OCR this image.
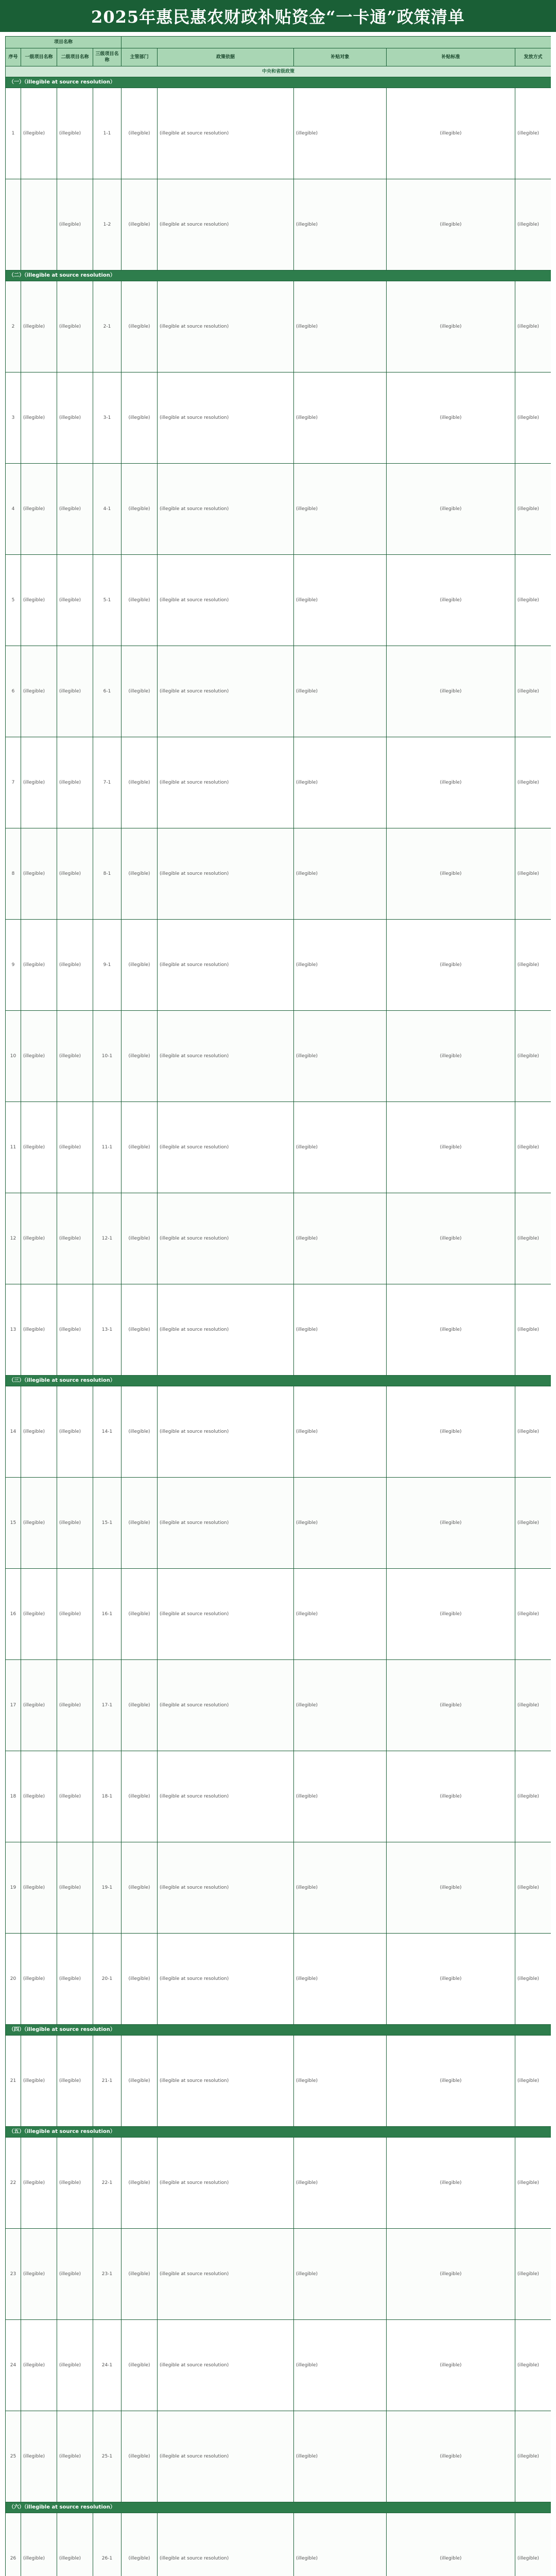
2025年惠民惠农财政补贴资金“一卡通”政策清单
项目名称								
序号	一级项目名称	二级项目名称	三级项目名称	主管部门	政策依据	补贴对象	补贴标准	发放方式
中央和省级政策								
（一）（illegible at source resolution）								
1	(illegible)	(illegible)	1-1	(illegible)	(illegible at source resolution)	(illegible)	(illegible)	(illegible)
		(illegible)	1-2	(illegible)	(illegible at source resolution)	(illegible)	(illegible)	(illegible)
（二）（illegible at source resolution）								
2	(illegible)	(illegible)	2-1	(illegible)	(illegible at source resolution)	(illegible)	(illegible)	(illegible)
3	(illegible)	(illegible)	3-1	(illegible)	(illegible at source resolution)	(illegible)	(illegible)	(illegible)
4	(illegible)	(illegible)	4-1	(illegible)	(illegible at source resolution)	(illegible)	(illegible)	(illegible)
5	(illegible)	(illegible)	5-1	(illegible)	(illegible at source resolution)	(illegible)	(illegible)	(illegible)
6	(illegible)	(illegible)	6-1	(illegible)	(illegible at source resolution)	(illegible)	(illegible)	(illegible)
7	(illegible)	(illegible)	7-1	(illegible)	(illegible at source resolution)	(illegible)	(illegible)	(illegible)
8	(illegible)	(illegible)	8-1	(illegible)	(illegible at source resolution)	(illegible)	(illegible)	(illegible)
9	(illegible)	(illegible)	9-1	(illegible)	(illegible at source resolution)	(illegible)	(illegible)	(illegible)
10	(illegible)	(illegible)	10-1	(illegible)	(illegible at source resolution)	(illegible)	(illegible)	(illegible)
11	(illegible)	(illegible)	11-1	(illegible)	(illegible at source resolution)	(illegible)	(illegible)	(illegible)
12	(illegible)	(illegible)	12-1	(illegible)	(illegible at source resolution)	(illegible)	(illegible)	(illegible)
13	(illegible)	(illegible)	13-1	(illegible)	(illegible at source resolution)	(illegible)	(illegible)	(illegible)
（三）（illegible at source resolution）								
14	(illegible)	(illegible)	14-1	(illegible)	(illegible at source resolution)	(illegible)	(illegible)	(illegible)
15	(illegible)	(illegible)	15-1	(illegible)	(illegible at source resolution)	(illegible)	(illegible)	(illegible)
16	(illegible)	(illegible)	16-1	(illegible)	(illegible at source resolution)	(illegible)	(illegible)	(illegible)
17	(illegible)	(illegible)	17-1	(illegible)	(illegible at source resolution)	(illegible)	(illegible)	(illegible)
18	(illegible)	(illegible)	18-1	(illegible)	(illegible at source resolution)	(illegible)	(illegible)	(illegible)
19	(illegible)	(illegible)	19-1	(illegible)	(illegible at source resolution)	(illegible)	(illegible)	(illegible)
20	(illegible)	(illegible)	20-1	(illegible)	(illegible at source resolution)	(illegible)	(illegible)	(illegible)
（四）（illegible at source resolution）								
21	(illegible)	(illegible)	21-1	(illegible)	(illegible at source resolution)	(illegible)	(illegible)	(illegible)
（五）（illegible at source resolution）								
22	(illegible)	(illegible)	22-1	(illegible)	(illegible at source resolution)	(illegible)	(illegible)	(illegible)
23	(illegible)	(illegible)	23-1	(illegible)	(illegible at source resolution)	(illegible)	(illegible)	(illegible)
24	(illegible)	(illegible)	24-1	(illegible)	(illegible at source resolution)	(illegible)	(illegible)	(illegible)
25	(illegible)	(illegible)	25-1	(illegible)	(illegible at source resolution)	(illegible)	(illegible)	(illegible)
（六）（illegible at source resolution）								
26	(illegible)	(illegible)	26-1	(illegible)	(illegible at source resolution)	(illegible)	(illegible)	(illegible)
